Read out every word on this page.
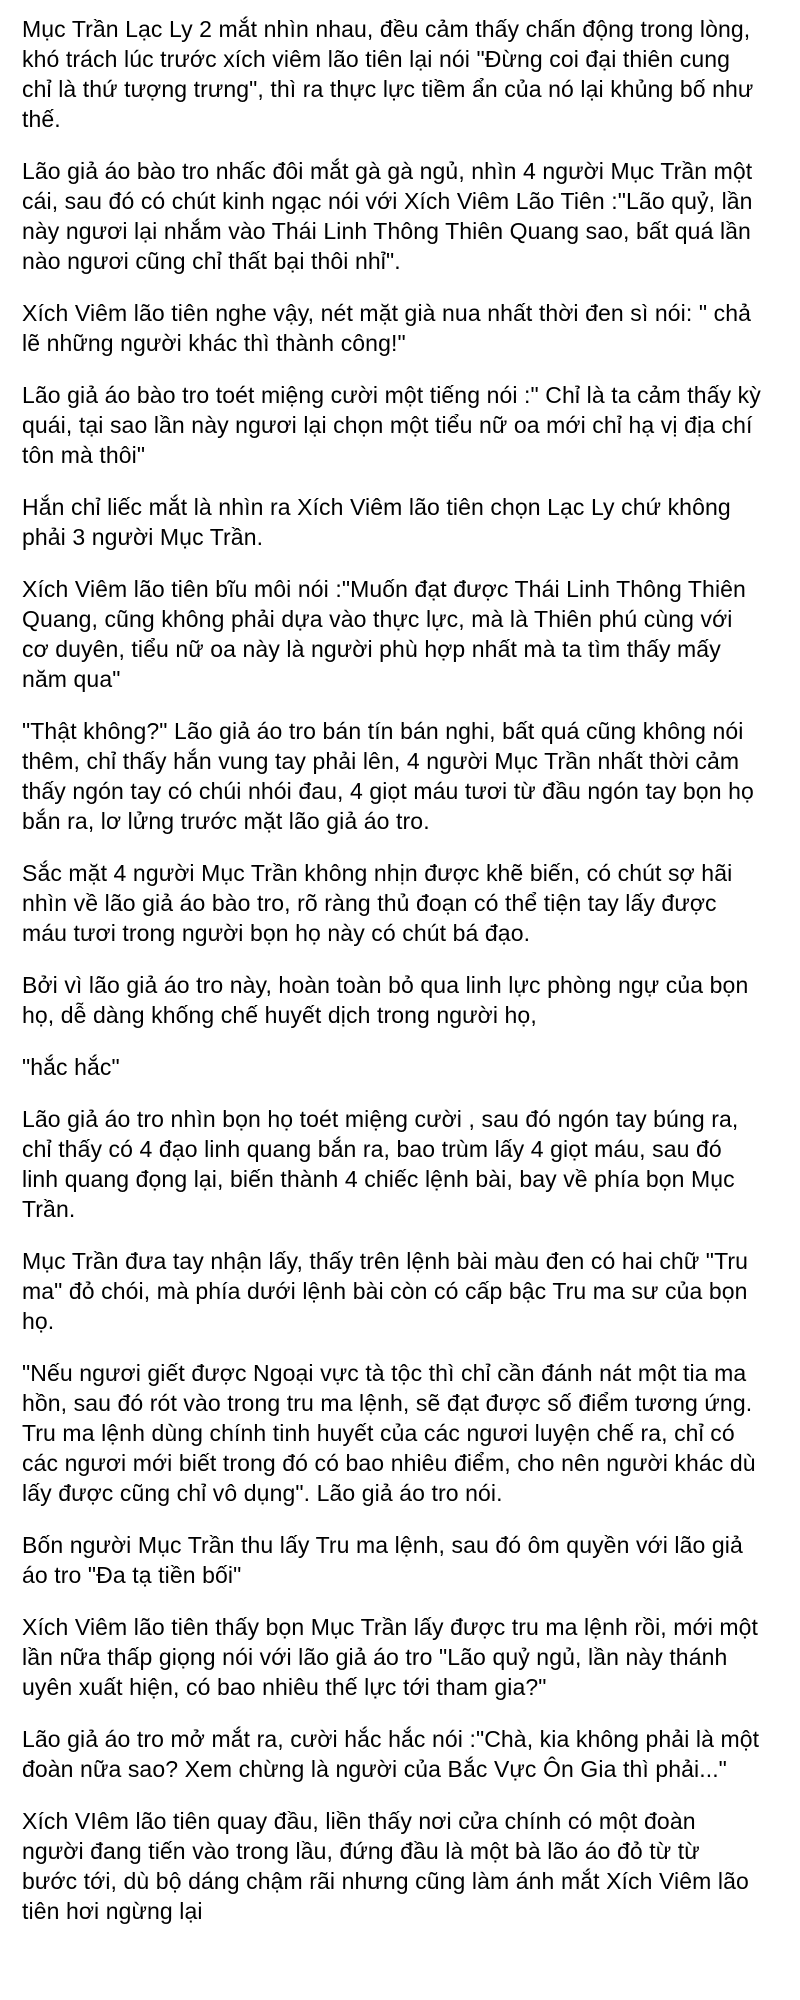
Mục Trần Lạc Ly 2 mắt nhìn nhau, đều cảm thấy chấn động trong lòng,
khó trách lúc trước xích viêm lão tiên lại nói "Đừng coi đại thiên cung
chỉ là thứ tượng trưng", thì ra thực lực tiềm ẩn của nó lại khủng bố như
thế.

Lão giả áo bào tro nhấc đôi mắt gà gà ngủ, nhìn 4 người Mục Trần một
cái, sau đó có chút kinh ngạc nói với Xích Viêm Lão Tiên :"Lão quỷ, lần
này ngươi lại nhắm vào Thái Linh Thông Thiên Quang sao, bất quá lần
nào ngươi cũng chỉ thất bại thôi nhỉ".

Xích Viêm lão tiên nghe vậy, nét mặt già nua nhất thời đen sì nói: " chả
lẽ những người khác thì thành công!"

Lão giả áo bào tro toét miệng cười một tiếng nói :" Chỉ là ta cảm thấy kỳ
quái, tại sao lần này ngươi lại chọn một tiểu nữ oa mới chỉ hạ vị địa chí
tôn mà thôi"

Hắn chỉ liếc mắt là nhìn ra Xích Viêm lão tiên chọn Lạc Ly chứ không
phải 3 người Mục Trần.

Xích Viêm lão tiên bĩu môi nói :"Muốn đạt được Thái Linh Thông Thiên
Quang, cũng không phải dựa vào thực lực, mà là Thiên phú cùng với
cơ duyên, tiểu nữ oa này là người phù hợp nhất mà ta tìm thấy mấy
năm qua"

"Thật không?" Lão giả áo tro bán tín bán nghi, bất quá cũng không nói
thêm, chỉ thấy hắn vung tay phải lên, 4 người Mục Trần nhất thời cảm
thấy ngón tay có chúi nhói đau, 4 giọt máu tươi từ đầu ngón tay bọn họ
bắn ra, lơ lửng trước mặt lão giả áo tro.

Sắc mặt 4 người Mục Trần không nhịn được khẽ biến, có chút sợ hãi
nhìn về lão giả áo bào tro, rõ ràng thủ đoạn có thể tiện tay lấy được
máu tươi trong người bọn họ này có chút bá đạo.

Bởi vì lão giả áo tro này, hoàn toàn bỏ qua linh lực phòng ngự của bọn
họ, dễ dàng khống chế huyết dịch trong người họ,

"hắc hắc"

Lão giả áo tro nhìn bọn họ toét miệng cười , sau đó ngón tay búng ra,
chỉ thấy có 4 đạo linh quang bắn ra, bao trùm lấy 4 giọt máu, sau đó
linh quang đọng lại, biến thành 4 chiếc lệnh bài, bay về phía bọn Mục
Trần.

Mục Trần đưa tay nhận lấy, thấy trên lệnh bài màu đen có hai chữ "Tru
ma" đỏ chói, mà phía dưới lệnh bài còn có cấp bậc Tru ma sư của bọn
họ.

"Nếu ngươi giết được Ngoại vực tà tộc thì chỉ cần đánh nát một tia ma
hồn, sau đó rót vào trong tru ma lệnh, sẽ đạt được số điểm tương ứng.
Tru ma lệnh dùng chính tinh huyết của các ngươi luyện chế ra, chỉ có
các ngươi mới biết trong đó có bao nhiêu điểm, cho nên người khác dù
lấy được cũng chỉ vô dụng". Lão giả áo tro nói.

Bốn người Mục Trần thu lấy Tru ma lệnh, sau đó ôm quyền với lão giả
áo tro "Đa tạ tiền bối"

Xích Viêm lão tiên thấy bọn Mục Trần lấy được tru ma lệnh rồi, mới một
lần nữa thấp giọng nói với lão giả áo tro "Lão quỷ ngủ, lần này thánh
uyên xuất hiện, có bao nhiêu thế lực tới tham gia?"

Lão giả áo tro mở mắt ra, cười hắc hắc nói :"Chà, kia không phải là một
đoàn nữa sao? Xem chừng là người của Bắc Vực Ôn Gia thì phải..."

Xích VIêm lão tiên quay đầu, liền thấy nơi cửa chính có một đoàn
người đang tiến vào trong lầu, đứng đầu là một bà lão áo đỏ từ từ
bước tới, dù bộ dáng chậm rãi nhưng cũng làm ánh mắt Xích Viêm lão
tiên hơi ngừng lại
